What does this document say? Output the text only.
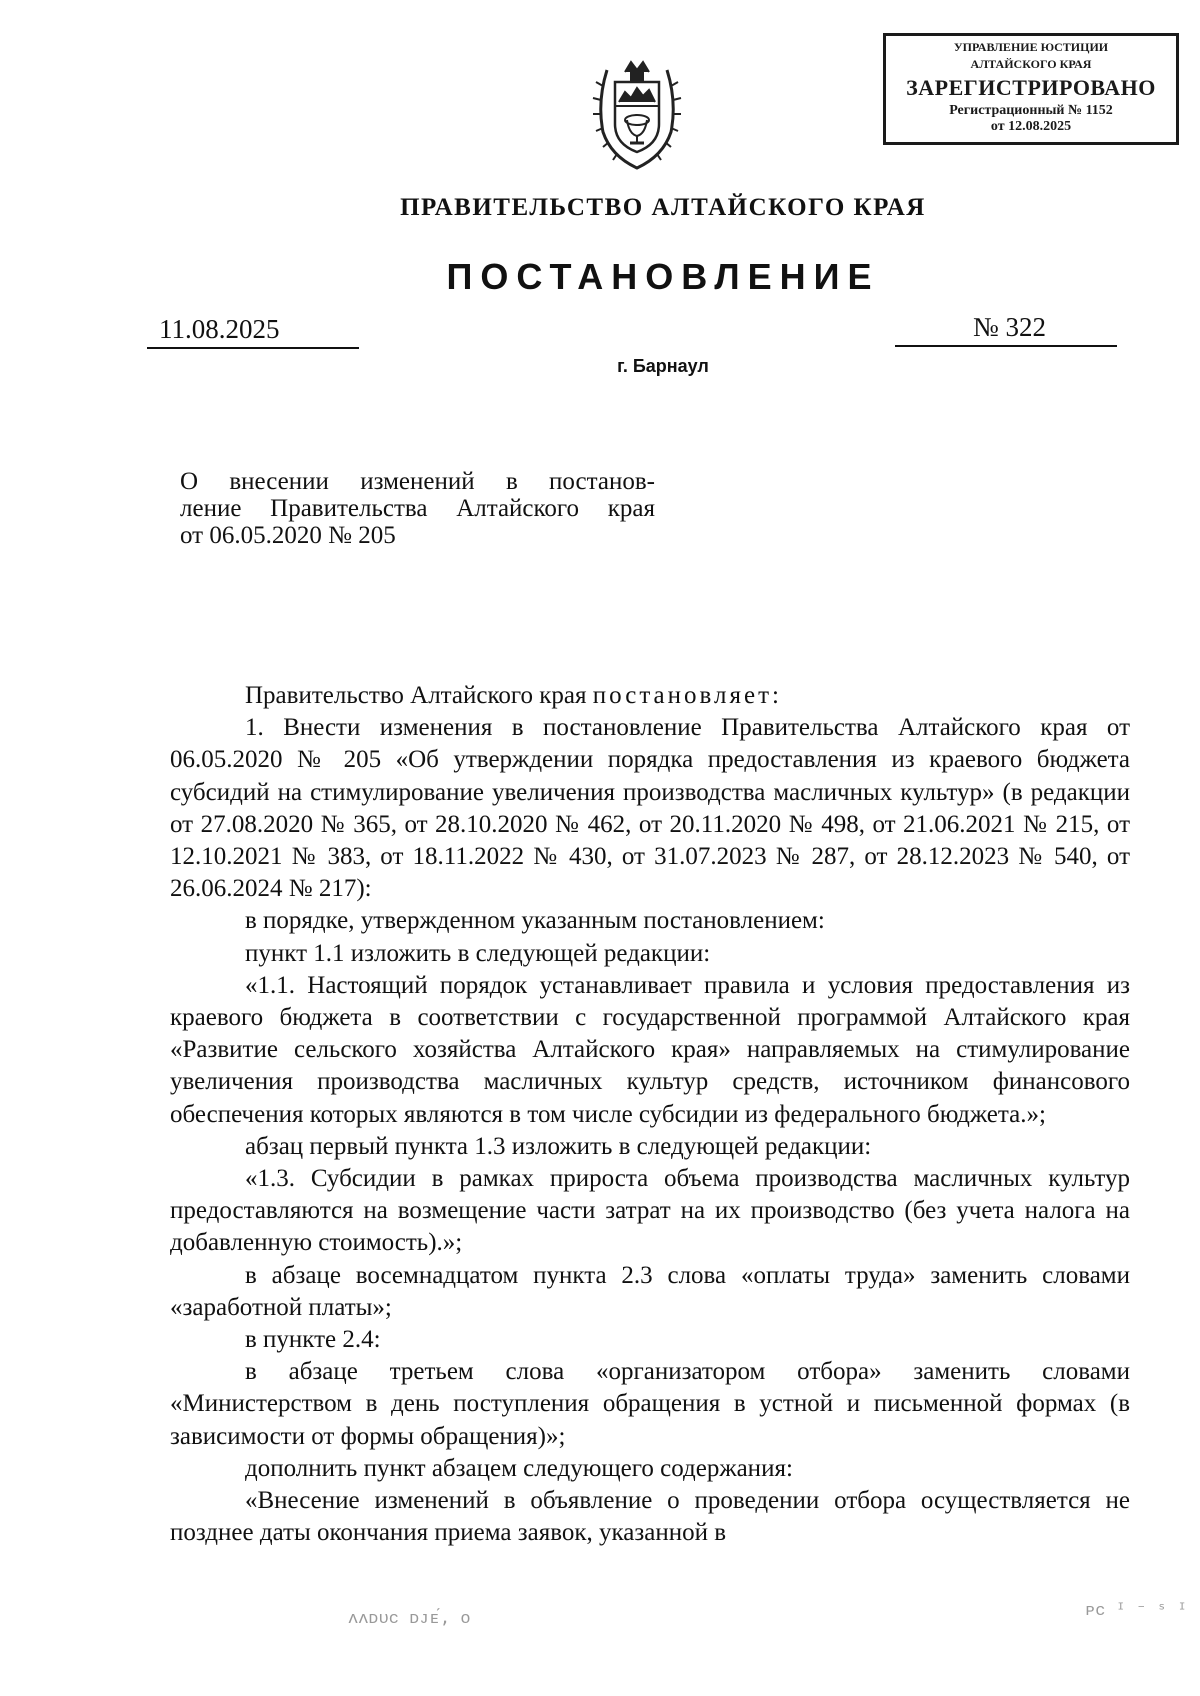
УПРАВЛЕНИЕ ЮСТИЦИИ
АЛТАЙСКОГО КРАЯ
ЗАРЕГИСТРИРОВАНО
Регистрационный № 1152
от 12.08.2025
ПРАВИТЕЛЬСТВО АЛТАЙСКОГО КРАЯ
ПОСТАНОВЛЕНИЕ
11.08.2025	№ 322
г. Барнаул
О внесении изменений в постанов-
ление Правительства Алтайского края
от 06.05.2020 № 205

Правительство Алтайского края постановляет:

1. Внести изменения в постановление Правительства Алтайского края от 06.05.2020 № 205 «Об утверждении порядка предоставления из краевого бюджета субсидий на стимулирование увеличения производства масличных культур» (в редакции от 27.08.2020 № 365, от 28.10.2020 № 462, от 20.11.2020 № 498, от 21.06.2021 № 215, от 12.10.2021 № 383, от 18.11.2022 № 430, от 31.07.2023 № 287, от 28.12.2023 № 540, от 26.06.2024 № 217):

в порядке, утвержденном указанным постановлением:

пункт 1.1 изложить в следующей редакции:

«1.1. Настоящий порядок устанавливает правила и условия предоставления из краевого бюджета в соответствии с государственной программой Алтайского края «Развитие сельского хозяйства Алтайского края» направляемых на стимулирование увеличения производства масличных культур средств, источником финансового обеспечения которых являются в том числе субсидии из федерального бюджета.»;

абзац первый пункта 1.3 изложить в следующей редакции:

«1.3. Субсидии в рамках прироста объема производства масличных культур предоставляются на возмещение части затрат на их производство (без учета налога на добавленную стоимость).»;

в абзаце восемнадцатом пункта 2.3 слова «оплаты труда» заменить словами «заработной платы»;

в пункте 2.4:

в абзаце третьем слова «организатором отбора» заменить словами «Министерством в день поступления обращения в устной и письменной формах (в зависимости от формы обращения)»;

дополнить пункт абзацем следующего содержания:

«Внесение изменений в объявление о проведении отбора осуществляется не позднее даты окончания приема заявок, указанной в

ᴧᴧᴅᴜᴄ ᴅᴊᴇ́, ᴏ	ᴘᴄ ᴵ ⁻ ˢ ᴵ
